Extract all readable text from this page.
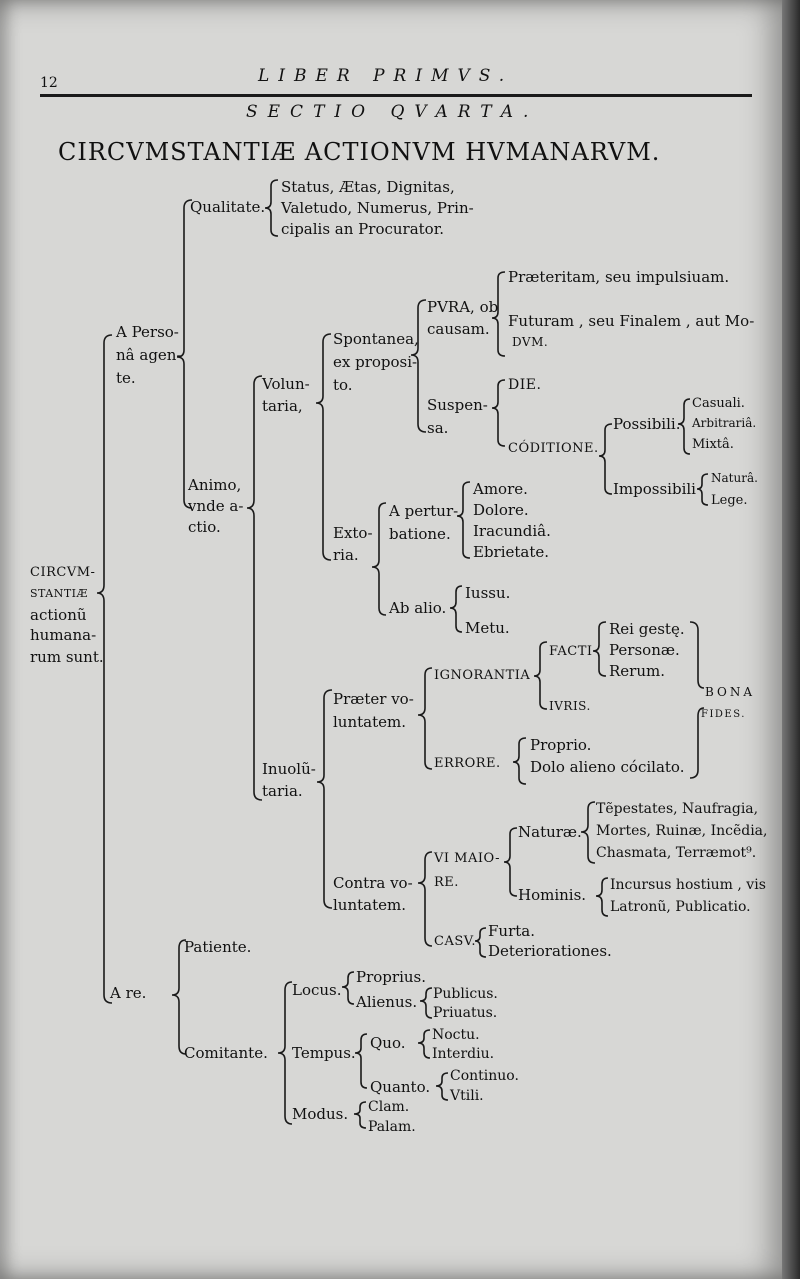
12	LIBER PRIMVS.
SECTIO QVARTA.
CIRCVMSTANTIÆ ACTIONVM HVMANARVM.
CIRCVM-
STANTIÆ
actionũ
humana-
rum sunt.
A Perso-
nâ agen-
te.
Qualitate.
Status, Ætas, Dignitas,
Valetudo, Numerus, Prin-
cipalis an Procurator.
Animo,
vnde a-
ctio.
Volun-
taria,
Spontanea,
ex proposi-
to.
PVRA, ob
causam.
Præteritam, seu impulsiuam.
Futuram , seu Finalem , aut Mo-
DVM.
Suspen-
sa.
DIE.
CÓDITIONE.
Possibili.
Casuali.
Arbitrariâ.
Mixtâ.
Impossibili
Naturâ.
Lege.
Exto-
ria.
A pertur-
batione.
Amore.
Dolore.
Iracundiâ.
Ebrietate.
Ab alio.
Iussu.
Metu.
Inuolũ-
taria.
Præter vo-
luntatem.
IGNORANTIA
FACTI
Rei gestę.
Personæ.
Rerum.
IVRIS.
BONA
FIDES.
ERRORE.
Proprio.
Dolo alieno cócilato.
Contra vo-
luntatem.
VI MAIO-
RE.
Naturæ.
Tẽpestates, Naufragia,
Mortes, Ruinæ, Incẽdia,
Chasmata, Terræmot⁹.
Hominis.
Incursus hostium , vis
Latronũ, Publicatio.
CASV.
Furta.
Deteriorationes.
A re.
Patiente.
Comitante.
Locus.
Proprius.
Alienus. Publicus.
Priuatus.
Tempus.
Quo. Noctu.
Interdiu.
Quanto.
Continuo.
Vtili.
Modus. Clam.
Palam.
